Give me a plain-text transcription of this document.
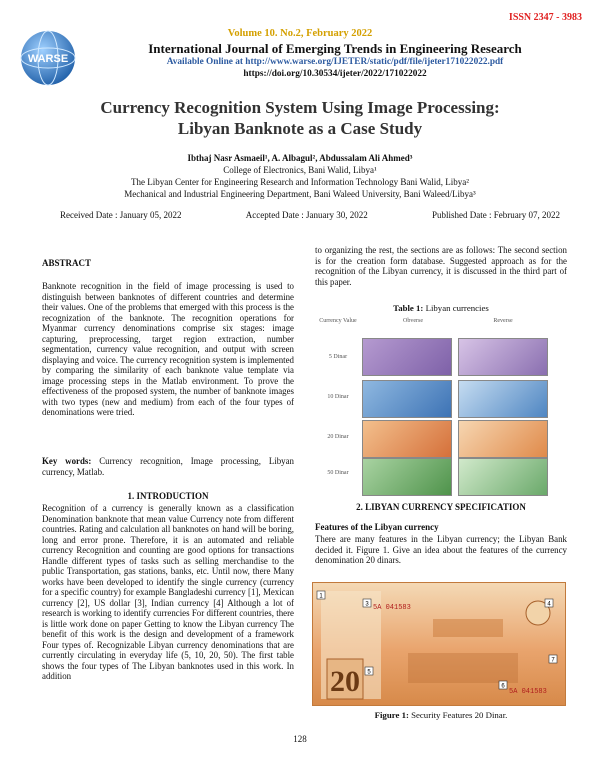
ISSN 2347 - 3983
WARSE
Volume 10. No.2, February 2022
International Journal of Emerging Trends in Engineering Research
Available Online at http://www.warse.org/IJETER/static/pdf/file/ijeter171022022.pdf
https://doi.org/10.30534/ijeter/2022/171022022
Currency Recognition System Using Image Processing:
Libyan Banknote as a Case Study
Ibthaj Nasr Asmaeil¹, A. Albagul², Abdussalam Ali Ahmed³
College of Electronics, Bani Walid, Libya¹
The Libyan Center for Engineering Research and Information Technology Bani Walid, Libya²
Mechanical and Industrial Engineering Department, Bani Waleed University, Bani Waleed/Libya³
Received Date : January 05, 2022	Accepted Date : January 30, 2022	Published Date : February 07, 2022

ABSTRACT

Banknote recognition in the field of image processing is used to distinguish between banknotes of different countries and determine their values. One of the problems that emerged with this process is the recognization of the banknote. The recognition operations for Myanmar currency denominations comprise six stages: image capturing, preprocessing, target region extraction, number segmentation, currency value recognition, and output with screen displaying and voice. The currency recognition system is implemented by comparing the similarity of each banknote value template via image processing steps in the Matlab environment. To prove the effectiveness of the proposed system, the number of banknote images with two types (new and medium) from each of the four types of denominations were tried.

Key words: Currency recognition, Image processing, Libyan currency, Matlab.

1. INTRODUCTION

Recognition of a currency is generally known as a classification Denomination banknote that mean value Currency note from different countries. Rating and calculation all banknotes on hand will be boring, long and error prone. Therefore, it is an automated and reliable currency Recognition and counting are good options for transactions Handle different types of tasks such as selling merchandise to the public Transportation, gas stations, banks, etc. Until now, there Many works have been developed to identify the single currency (currency for a specific country) for example Bangladeshi currency [1], Mexican currency [2], US dollar [3], Indian currency [4] Although a lot of research is working to identify currencies For different countries, there is little work done on paper Getting to know the Libyan currency The benefit of this work is the design and development of a framework Four types of. Recognizable Libyan currency denominations that are currently circulating in everyday life (5, 10, 20, 50). The first table shows the four types of The Libyan banknotes used in this work. In addition

to organizing the rest, the sections are as follows: The second section is for the creation form database. Suggested approach as for the recognition of the Libyan currency, it is discussed in the third part of this paper.

Table 1: Libyan currencies
Currency Value	Obverse	Reverse
5 Dinar
10 Dinar
20 Dinar
50 Dinar

2. LIBYAN CURRENCY SPECIFICATION

Features of the Libyan currency

There are many features in the Libyan currency; the Libyan Bank decided it. Figure 1. Give an idea about the features of the currency denomination 20 dinars.

20
5A 041583
5A 041583
1
3	4
5
6
7
Figure 1: Security Features 20 Dinar.
128
